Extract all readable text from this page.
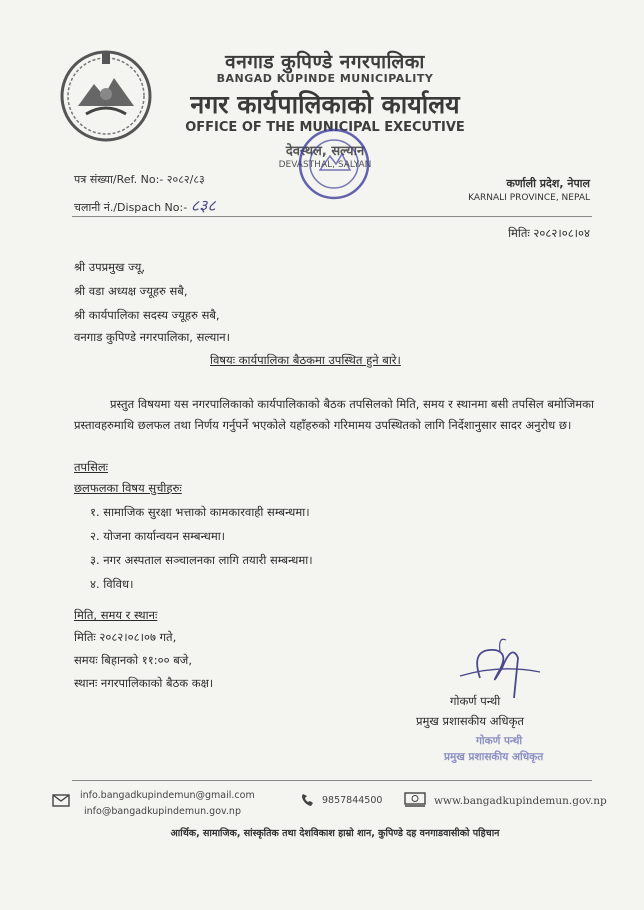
वनगाड कुपिण्डे नगरपालिका
BANGAD KUPINDE MUNICIPALITY
नगर कार्यपालिकाको कार्यालय
OFFICE OF THE MUNICIPAL EXECUTIVE
देवस्थल, सल्यान
DEVASTHAL, SALYAN
पत्र संख्या/Ref. No:- २०८२/८३
चलानी नं./Dispach No:- ८३८
कर्णाली प्रदेश, नेपाल
KARNALI PROVINCE, NEPAL
मितिः २०८२।०८।०४
श्री उपप्रमुख ज्यू,
श्री वडा अध्यक्ष ज्यूहरु सबै,
श्री कार्यपालिका सदस्य ज्यूहरु सबै,
वनगाड कुपिण्डे नगरपालिका, सल्यान।
विषयः कार्यपालिका बैठकमा उपस्थित हुने बारे।
प्रस्तुत विषयमा यस नगरपालिकाको कार्यपालिकाको बैठक तपसिलको मिति, समय र स्थानमा बसी तपसिल बमोजिमका प्रस्तावहरुमाथि छलफल तथा निर्णय गर्नुपर्ने भएकोले यहाँहरुको गरिमामय उपस्थितको लागि निर्देशानुसार सादर अनुरोध छ।
तपसिलः
छलफलका विषय सुचीहरुः
१. सामाजिक सुरक्षा भत्ताको कामकारवाही सम्बन्धमा।
२. योजना कार्यान्वयन सम्बन्धमा।
३. नगर अस्पताल सञ्चालनका लागि तयारी सम्बन्धमा।
४. विविध।
मिति, समय र स्थानः
मितिः २०८२।०८।०७ गते,
समयः बिहानको ११:०० बजे,
स्थानः नगरपालिकाको बैठक कक्ष।
गोकर्ण पन्थी
प्रमुख प्रशासकीय अधिकृत
गोकर्ण पन्थी
प्रमुख प्रशासकीय अधिकृत
info.bangadkupindemun@gmail.com
info@bangadkupindemun.gov.np
9857844500	www.bangadkupindemun.gov.np
आर्थिक, सामाजिक, सांस्कृतिक तथा देशविकाश हाम्रो शान, कुपिण्डे दह वनगाडवासीको पहिचान
